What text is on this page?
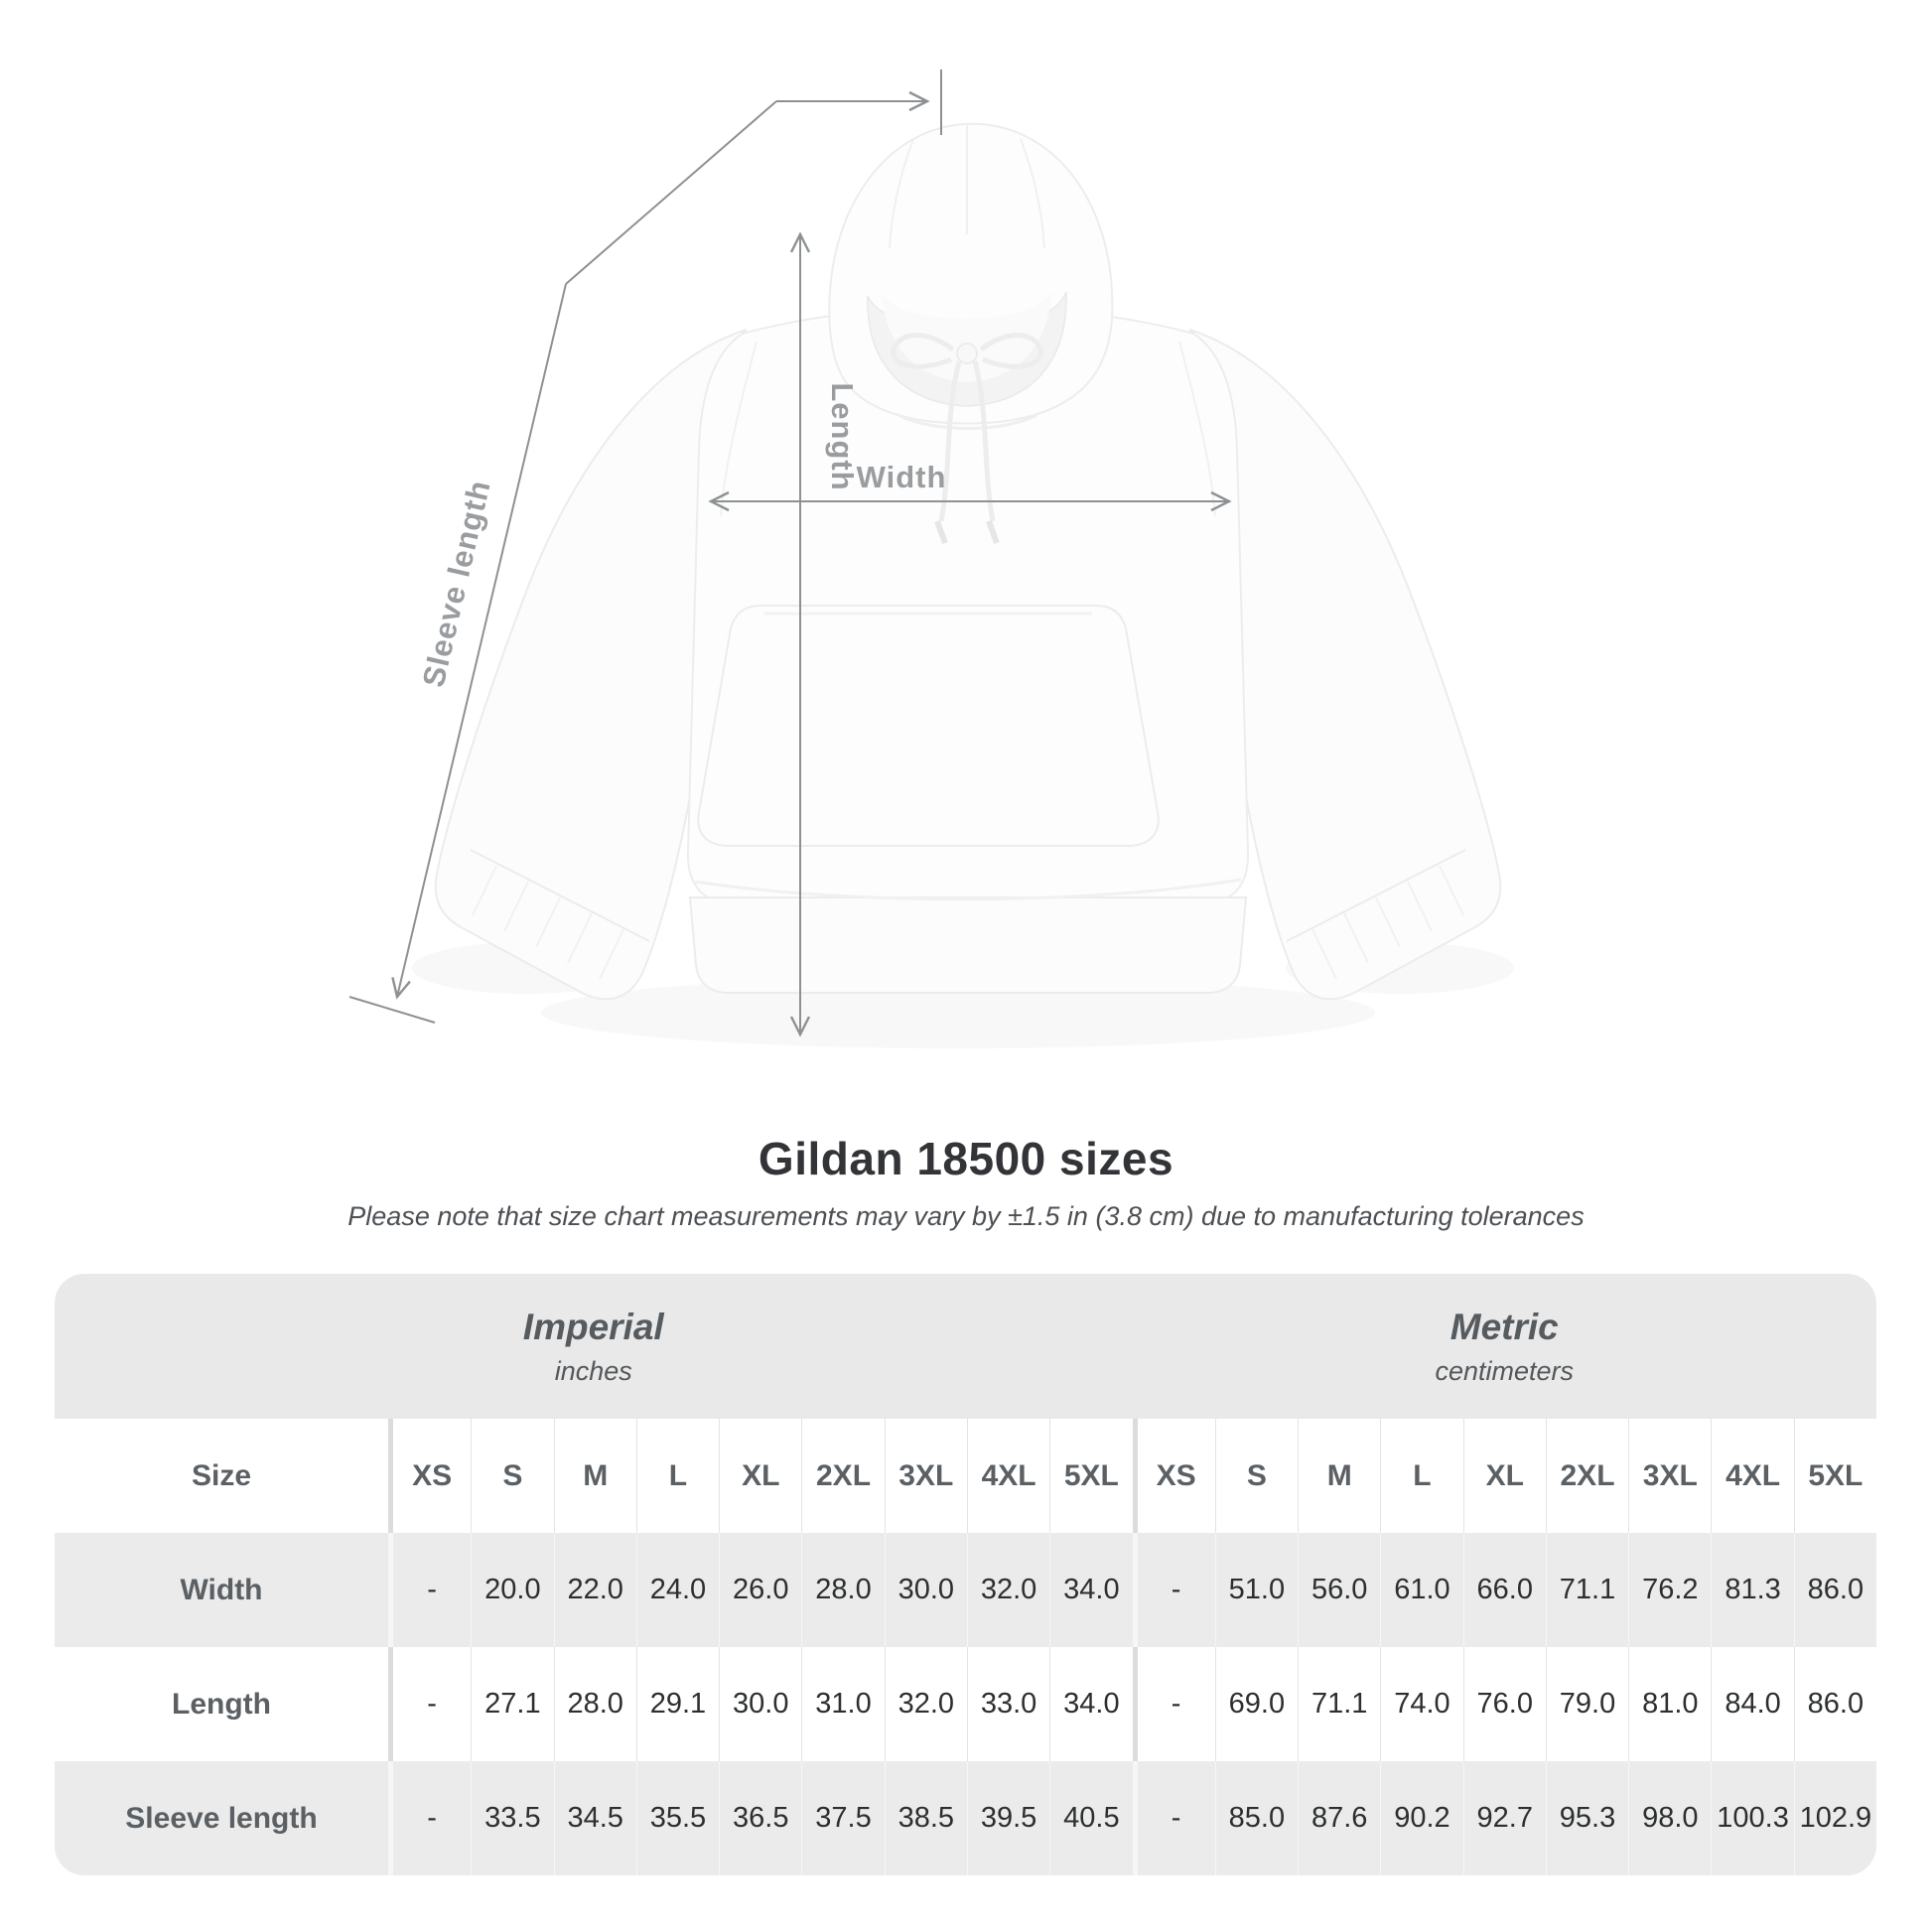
Length
Width
Sleeve length
Gildan 18500 sizes
Please note that size chart measurements may vary by ±1.5 in (3.8 cm) due to manufacturing tolerances
Imperial
inches
Metric
centimeters
Size	XS	S	M	L	XL	2XL 3XL 4XL 5XL	XS	S	M	L	XL	2XL 3XL 4XL 5XL
Width	-	20.0 22.0 24.0 26.0 28.0 30.0 32.0 34.0	-	51.0 56.0 61.0 66.0 71.1 76.2 81.3 86.0
Length	-	27.1 28.0 29.1 30.0 31.0 32.0 33.0 34.0	-	69.0 71.1 74.0 76.0 79.0 81.0 84.0 86.0
Sleeve length	-	33.5 34.5 35.5 36.5 37.5 38.5 39.5 40.5	-	85.0 87.6 90.2 92.7 95.3 98.0 100.3 102.9
